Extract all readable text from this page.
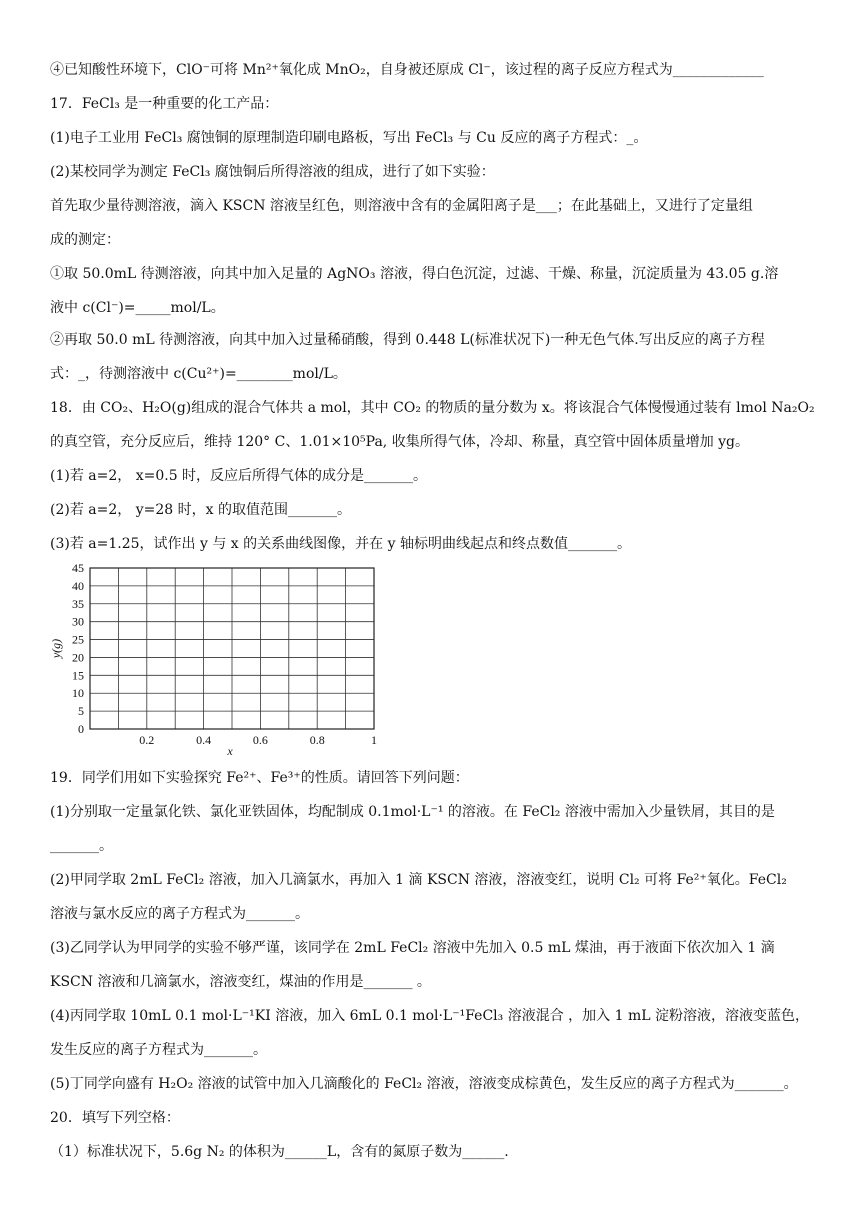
④已知酸性环境下，ClO⁻可将 Mn²⁺氧化成 MnO₂，自身被还原成 Cl⁻，该过程的离子反应方程式为_____________
17．FeCl₃ 是一种重要的化工产品：
(1)电子工业用 FeCl₃ 腐蚀铜的原理制造印刷电路板，写出 FeCl₃ 与 Cu 反应的离子方程式：_。
(2)某校同学为测定 FeCl₃ 腐蚀铜后所得溶液的组成，进行了如下实验：
首先取少量待测溶液，滴入 KSCN 溶液呈红色，则溶液中含有的金属阳离子是___；在此基础上，又进行了定量组
成的测定：
①取 50.0mL 待测溶液，向其中加入足量的 AgNO₃ 溶液，得白色沉淀，过滤、干燥、称量，沉淀质量为 43.05 g.溶
液中 c(Cl⁻)=_____mol/L。
②再取 50.0 mL 待测溶液，向其中加入过量稀硝酸，得到 0.448 L(标准状况下)一种无色气体.写出反应的离子方程
式：_，待测溶液中 c(Cu²⁺)=________mol/L。
18．由 CO₂、H₂O(g)组成的混合气体共 a mol，其中 CO₂ 的物质的量分数为 x。将该混合气体慢慢通过装有 lmol Na₂O₂
的真空管，充分反应后，维持 120° C、1.01×10⁵Pa, 收集所得气体，冷却、称量，真空管中固体质量增加 yg。
(1)若 a=2， x=0.5 时，反应后所得气体的成分是_______。
(2)若 a=2， y=28 时，x 的取值范围_______。
(3)若 a=1.25，试作出 y 与 x 的关系曲线图像，并在 y 轴标明曲线起点和终点数值_______。
0
5
10
15
20
25
30
35
40
45
0.2	0.4	0.6	0.8	1
x
y(g)
19．同学们用如下实验探究 Fe²⁺、Fe³⁺的性质。请回答下列问题：
(1)分别取一定量氯化铁、氯化亚铁固体，均配制成 0.1mol·L⁻¹ 的溶液。在 FeCl₂ 溶液中需加入少量铁屑，其目的是
_______。
(2)甲同学取 2mL FeCl₂ 溶液，加入几滴氯水，再加入 1 滴 KSCN 溶液，溶液变红，说明 Cl₂ 可将 Fe²⁺氧化。FeCl₂
溶液与氯水反应的离子方程式为_______。
(3)乙同学认为甲同学的实验不够严谨，该同学在 2mL FeCl₂ 溶液中先加入 0.5 mL 煤油，再于液面下依次加入 1 滴
KSCN 溶液和几滴氯水，溶液变红，煤油的作用是_______ 。
(4)丙同学取 10mL 0.1 mol·L⁻¹KI 溶液，加入 6mL 0.1 mol·L⁻¹FeCl₃ 溶液混合 ，加入 1 mL 淀粉溶液，溶液变蓝色，
发生反应的离子方程式为_______。
(5)丁同学向盛有 H₂O₂ 溶液的试管中加入几滴酸化的 FeCl₂ 溶液，溶液变成棕黄色，发生反应的离子方程式为_______。
20．填写下列空格：
（1）标准状况下，5.6g N₂ 的体积为______L，含有的氮原子数为______.
